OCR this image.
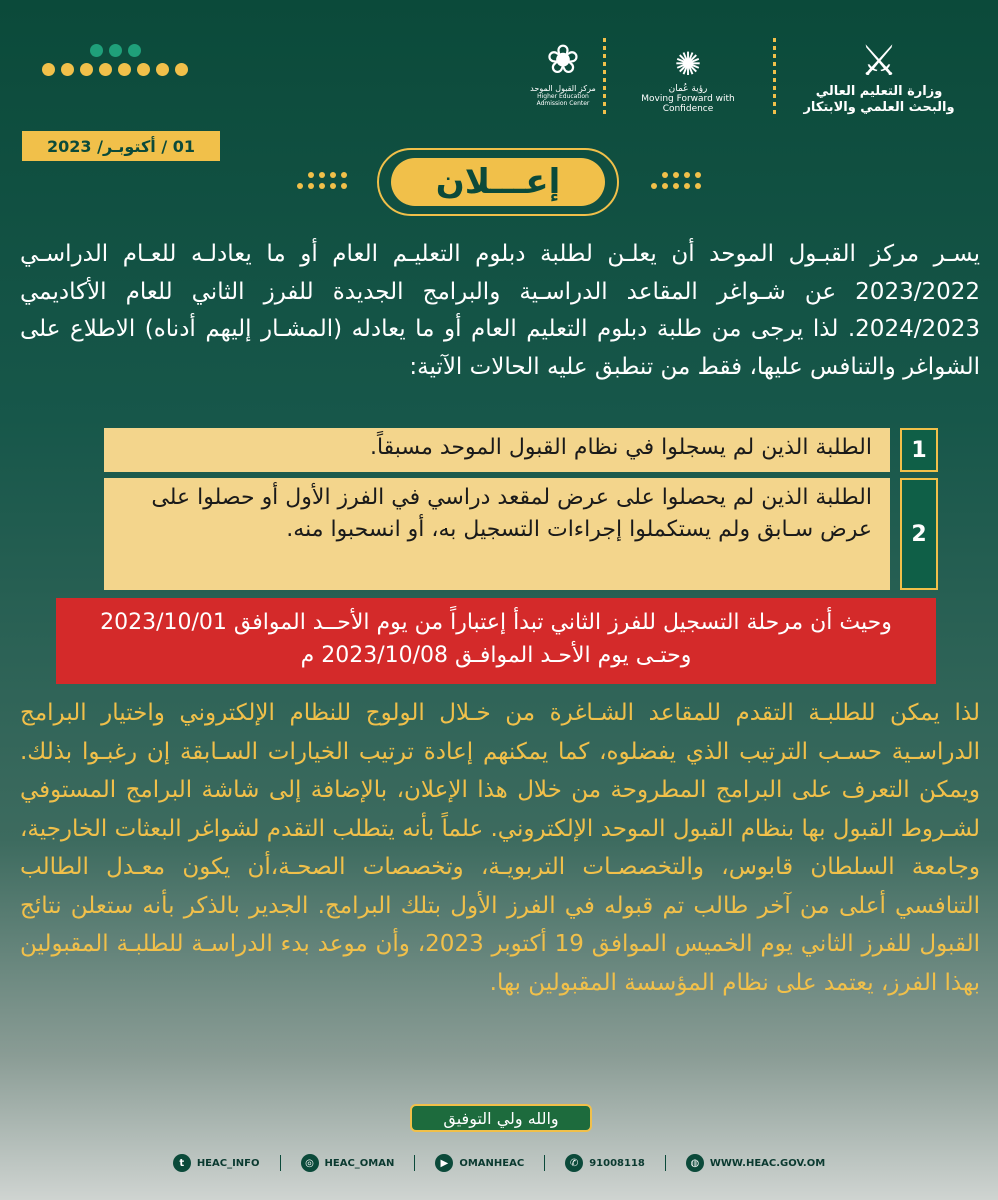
⚔
وزارة التعليم العالي
والبحث العلمي والابتكار
✺
رؤية عُمان
Moving Forward with Confidence
❀
مركز القبول الموحد
Higher Education Admission Center
01 / أكتوبـر/ 2023
إعـــلان
يسـر مركز القبـول الموحد أن يعلـن لطلبة دبلوم التعليـم العام أو ما يعادلـه للعـام الدراسـي 2023/2022 عن شـواغر المقاعد الدراسـية والبرامج الجديدة للفرز الثاني للعام الأكاديمي 2024/2023. لذا يرجى من طلبة دبلوم التعليم العام أو ما يعادله (المشـار إليهم أدناه) الاطلاع على الشواغر والتنافس عليها، فقط من تنطبق عليه الحالات الآتية:
1
الطلبة الذين لم يسجلوا في نظام القبول الموحد مسبقاً.
2
الطلبة الذين لم يحصلوا على عرض لمقعد دراسي في الفرز الأول أو حصلوا على عرض سـابق ولم يستكملوا إجراءات التسجيل به، أو انسحبوا منه.
وحيث أن مرحلة التسجيل للفرز الثاني تبدأ إعتباراً من يوم الأحــد الموافق 2023/10/01 وحتـى يوم الأحـد الموافـق 2023/10/08 م
لذا يمكن للطلبـة التقدم للمقاعد الشـاغرة من خـلال الولوج للنظام الإلكتروني واختيار البرامج الدراسـية حسـب الترتيب الذي يفضلوه، كما يمكنهم إعادة ترتيب الخيارات السـابقة إن رغبـوا بذلك. ويمكن التعرف على البرامج المطروحة من خلال هذا الإعلان، بالإضافة إلى شاشة البرامج المستوفي لشـروط القبول بها بنظام القبول الموحد الإلكتروني. علماً بأنه يتطلب التقدم لشواغر البعثات الخارجية، وجامعة السلطان قابوس، والتخصصـات التربويـة، وتخصصات الصحـة،أن يكون معـدل الطالب التنافسي أعلى من آخر طالب تم قبوله في الفرز الأول بتلك البرامج. الجدير بالذكر بأنه ستعلن نتائج القبول للفرز الثاني يوم الخميس الموافق 19 أكتوبر 2023، وأن موعد بدء الدراسـة للطلبـة المقبولين بهذا الفرز، يعتمد على نظام المؤسسة المقبولين بها.
والله ولي التوفيق
t	HEAC_INFO	◎	HEAC_OMAN	▶	OMANHEAC	✆	91008118	◍	WWW.HEAC.GOV.OM
